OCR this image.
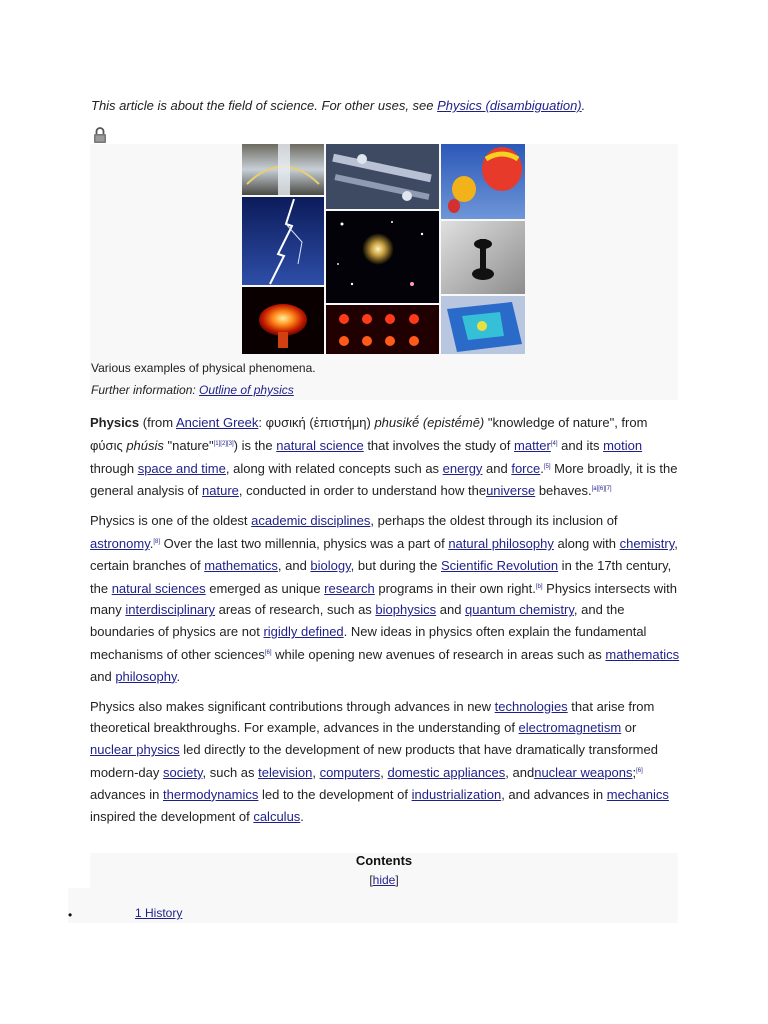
This article is about the field of science. For other uses, see Physics (disambiguation).
Various examples of physical phenomena.
Further information: Outline of physics

Physics (from Ancient Greek: φυσική (ἐπιστήμη) phusikḗ (epistḗmē) "knowledge of nature", from φύσις phúsis "nature"[1][2][3]) is the natural science that involves the study of matter[4] and its motion through space and time, along with related concepts such as energy and force.[5] More broadly, it is the general analysis of nature, conducted in order to understand how theuniverse behaves.[a][6][7]

Physics is one of the oldest academic disciplines, perhaps the oldest through its inclusion of astronomy.[8] Over the last two millennia, physics was a part of natural philosophy along with chemistry, certain branches of mathematics, and biology, but during the Scientific Revolution in the 17th century, the natural sciences emerged as unique research programs in their own right.[b] Physics intersects with many interdisciplinary areas of research, such as biophysics and quantum chemistry, and the boundaries of physics are not rigidly defined. New ideas in physics often explain the fundamental mechanisms of other sciences[6] while opening new avenues of research in areas such as mathematics and philosophy.

Physics also makes significant contributions through advances in new technologies that arise from theoretical breakthroughs. For example, advances in the understanding of electromagnetism or nuclear physics led directly to the development of new products that have dramatically transformed modern-day society, such as television, computers, domestic appliances, andnuclear weapons;[6] advances in thermodynamics led to the development of industrialization, and advances in mechanics inspired the development of calculus.

Contents
[hide]
•	1 History
